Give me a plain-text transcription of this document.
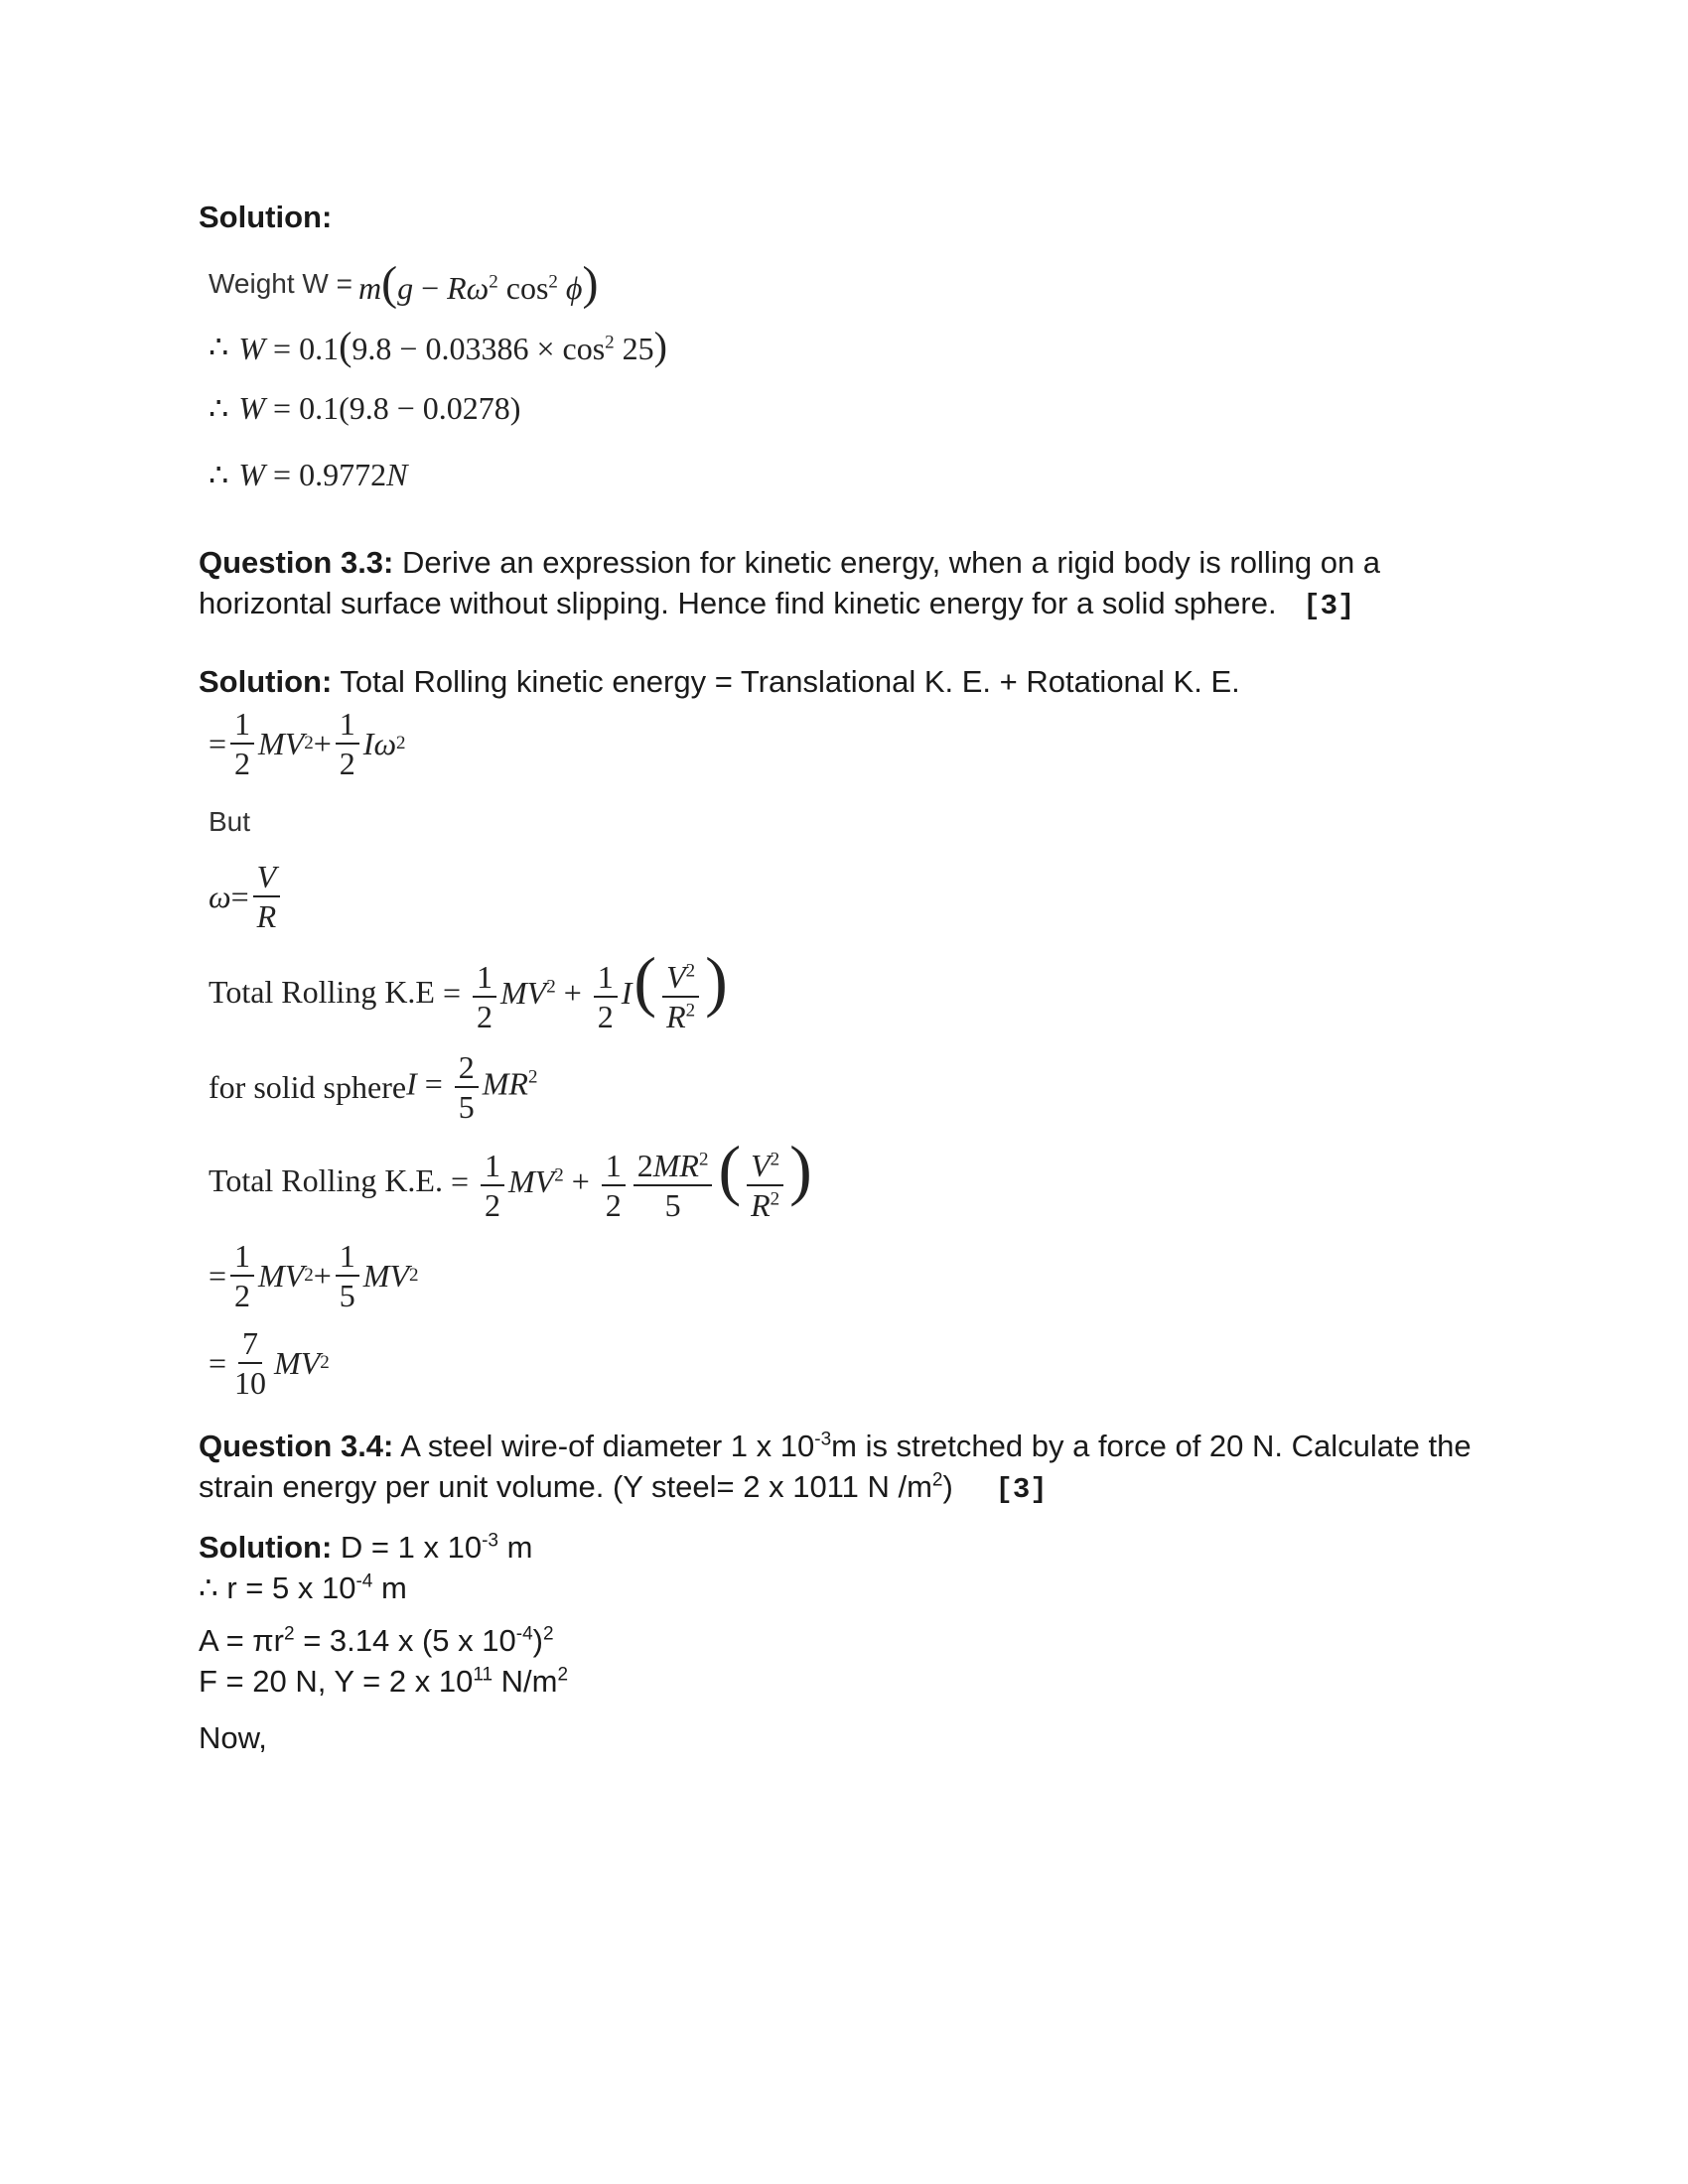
Solution:
Weight $W = m(g - R\omega^2$ $\cos^2 \phi$)
∴ $W = 0.1(9.8 - 0.03386 \times \cos^2 25)$
∴ W = 0.1(9.8 − 0.0278)
∴ W = 0.9772N
Question 3.3: Derive an expression for kinetic energy, when a rigid body is rolling on a horizontal surface without slipping. Hence find kinetic energy for a solid sphere. [3]
Solution: Total Rolling kinetic energy = Translational K. E. + Rotational K. E.
= $\frac{1}{2}$ MV $2 + \frac{1}{2}$ Iω 2
But
$\omega = \frac{V}{R}$
Total Rolling $K.E = \frac{1}{2} MV^2 + \frac{1}{2} I( \frac{V^2}{R^2}$ )
for solid sphere $I = \frac{2}{5} MR^2$
Total Rolling K.E. = $\frac{1}{2} MV^2 + \frac{1}{2} \frac{2MR^2}{5}$ ( $\frac{V^2}{R^2}$ )
= $\frac{1}{2}$ MV $2 + \frac{1}{5}$ MV 2
= $\frac{7}{10}$ MV 2
Question 3.4: A steel wire-of diameter 1 x $10^{-3}m$ is stretched by a force of 20 N. Calculate the strain energy per unit volume. (Y steel= 2 x 1011 N $/m^2$) [3]
Solution: D = 1 x $10^{-3}$ m
∴ r = 5 x $10^{-4}$ m
$A = \pi r^2 = 3.14$ x (5 x $10^{-4})^2$
F = 20 N, Y = 2 x $10^{11}$ $N/m^2$
Now,
